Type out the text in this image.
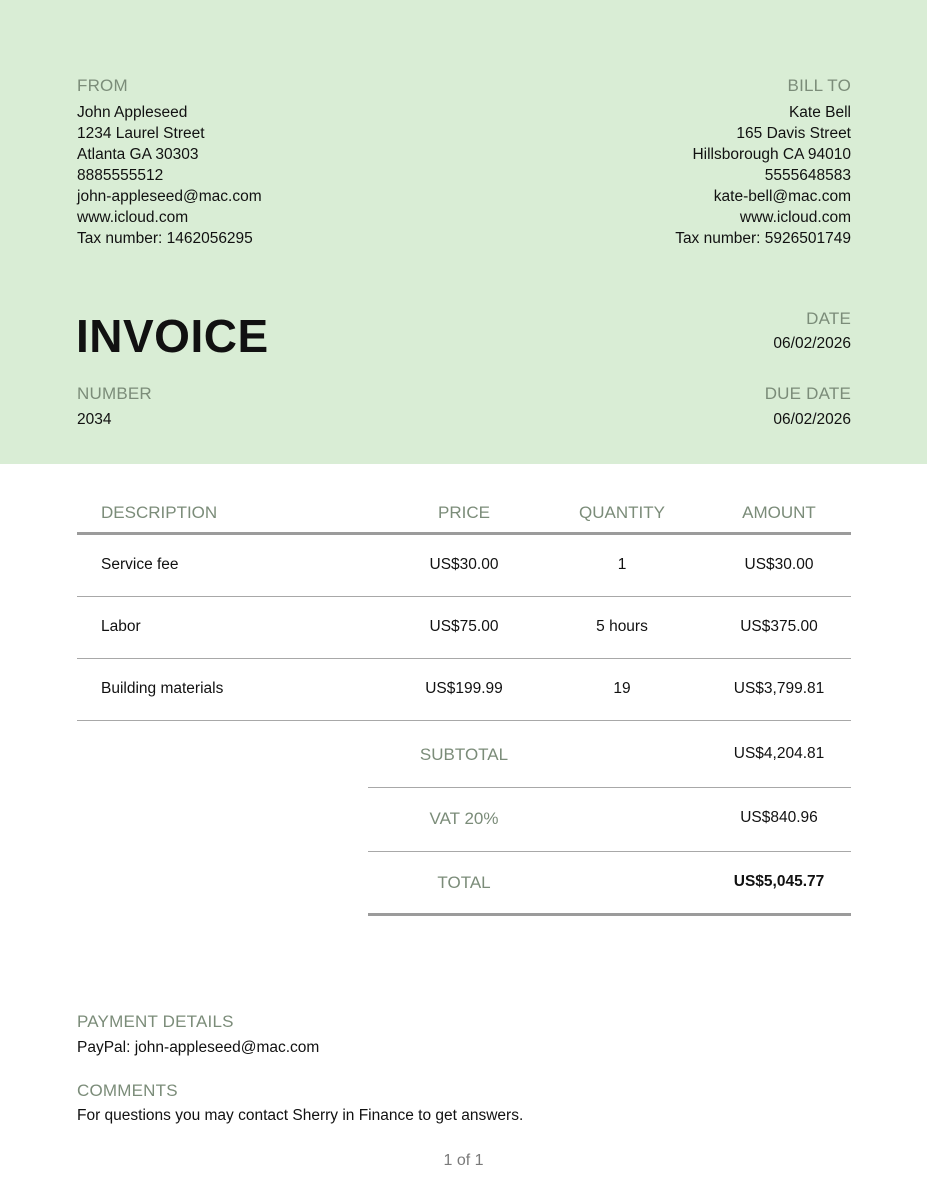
FROM
John Appleseed
1234 Laurel Street
Atlanta GA 30303
8885555512
john-appleseed@mac.com
www.icloud.com
Tax number: 1462056295
BILL TO
Kate Bell
165 Davis Street
Hillsborough CA 94010
5555648583
kate-bell@mac.com
www.icloud.com
Tax number: 5926501749
INVOICE
NUMBER
2034
DATE
06/02/2026
DUE DATE
06/02/2026
DESCRIPTION	PRICE	QUANTITY	AMOUNT
Service fee	US$30.00	1	US$30.00
Labor	US$75.00	5 hours	US$375.00
Building materials	US$199.99	19	US$3,799.81
SUBTOTAL	US$4,204.81
VAT 20%	US$840.96
TOTAL	US$5,045.77
PAYMENT DETAILS
PayPal: john-appleseed@mac.com
COMMENTS
For questions you may contact Sherry in Finance to get answers.
1 of 1
